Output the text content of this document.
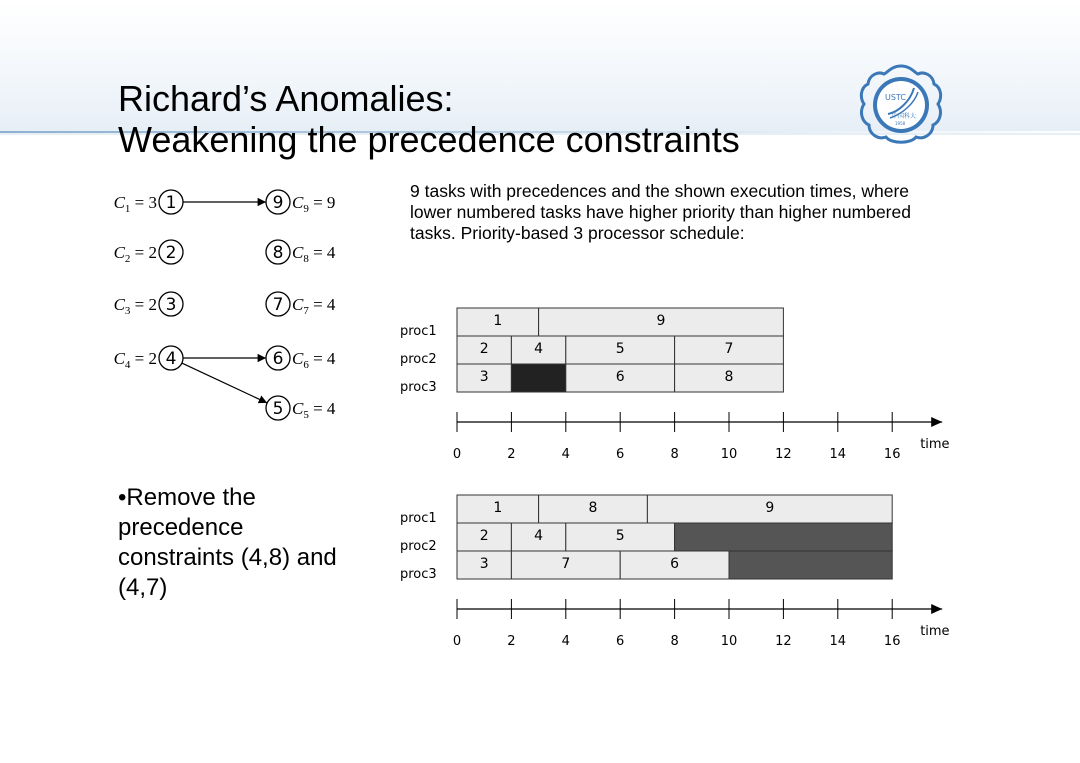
Richard’s Anomalies:
Weakening the precedence constraints
USTC
中国科大
1958
1
$C_1 = 3$
2
$C_2 = 2$
3
$C_3 = 2$
4
$C_4 = 2$
5 $C_5 = 4$
6 $C_6 = 4$
7 $C_7 = 4$
8 $C_8 = 4$
9 $C_9 = 9$

9 tasks with precedences and the shown execution times, where lower numbered tasks have higher priority than higher numbered tasks. Priority-based 3 processor schedule:

proc1
proc2
proc3
1	9
2	4	5	7
3	6	8
0	2	4	6	8	10	12	14	16
time
proc1
proc2
proc3
1	8	9
2	4	5
3	7	6
0	2	4	6	8	10	12	14	16
time

•Remove the precedence constraints (4,8) and (4,7)
